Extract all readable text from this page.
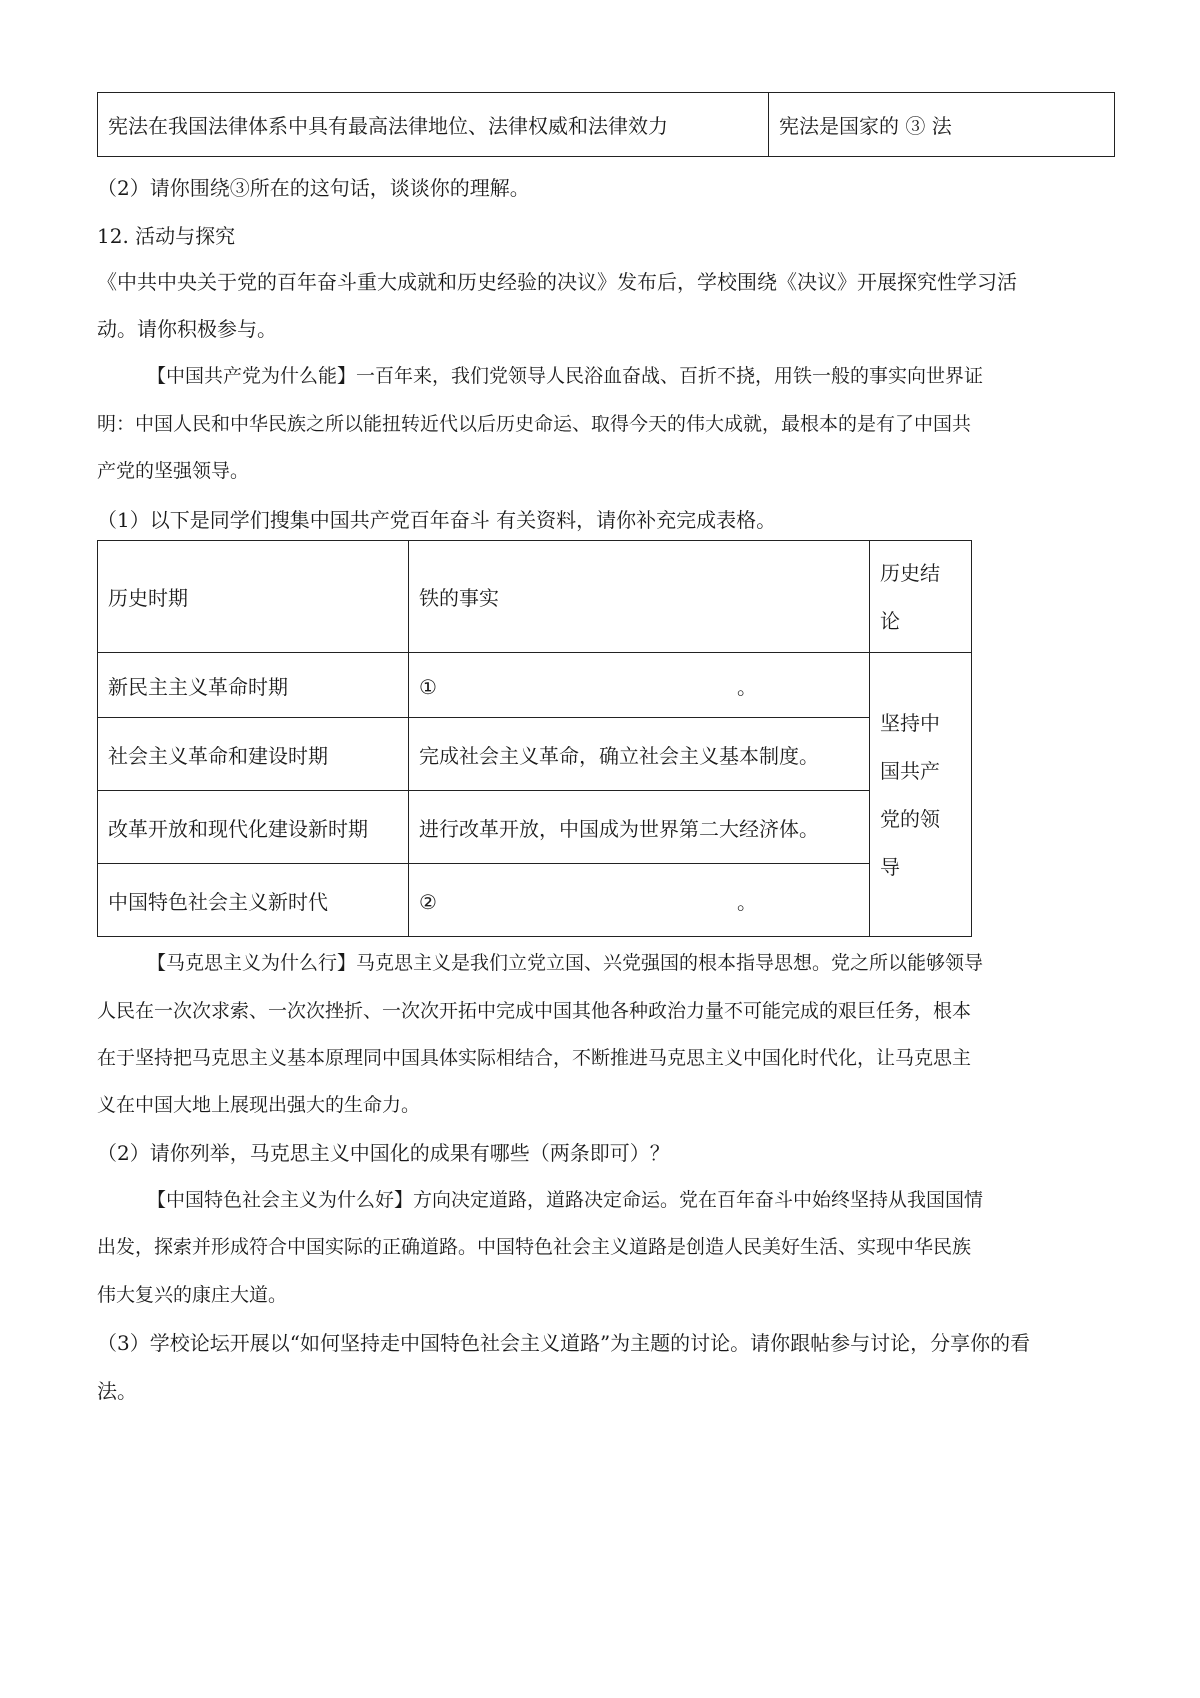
宪法在我国法律体系中具有最高法律地位、法律权威和法律效力	宪法是国家的 ③ 法
（2）请你围绕③所在的这句话，谈谈你的理解。
12. 活动与探究
《中共中央关于党的百年奋斗重大成就和历史经验的决议》发布后，学校围绕《决议》开展探究性学习活
动。请你积极参与。
【中国共产党为什么能】一百年来，我们党领导人民浴血奋战、百折不挠，用铁一般的事实向世界证
明：中国人民和中华民族之所以能扭转近代以后历史命运、取得今天的伟大成就，最根本的是有了中国共
产党的坚强领导。
（1）以下是同学们搜集中国共产党百年奋斗 有关资料，请你补充完成表格。
历史时期	铁的事实	历史结
论
新民主主义革命时期	① 。	坚持中
国共产
党的领
导
社会主义革命和建设时期	完成社会主义革命，确立社会主义基本制度。	
改革开放和现代化建设新时期	进行改革开放，中国成为世界第二大经济体。	
中国特色社会主义新时代	② 。	
【马克思主义为什么行】马克思主义是我们立党立国、兴党强国的根本指导思想。党之所以能够领导
人民在一次次求索、一次次挫折、一次次开拓中完成中国其他各种政治力量不可能完成的艰巨任务，根本
在于坚持把马克思主义基本原理同中国具体实际相结合，不断推进马克思主义中国化时代化，让马克思主
义在中国大地上展现出强大的生命力。
（2）请你列举，马克思主义中国化的成果有哪些（两条即可）？
【中国特色社会主义为什么好】方向决定道路，道路决定命运。党在百年奋斗中始终坚持从我国国情
出发，探索并形成符合中国实际的正确道路。中国特色社会主义道路是创造人民美好生活、实现中华民族
伟大复兴的康庄大道。
（3）学校论坛开展以“如何坚持走中国特色社会主义道路”为主题的讨论。请你跟帖参与讨论，分享你的看
法。
